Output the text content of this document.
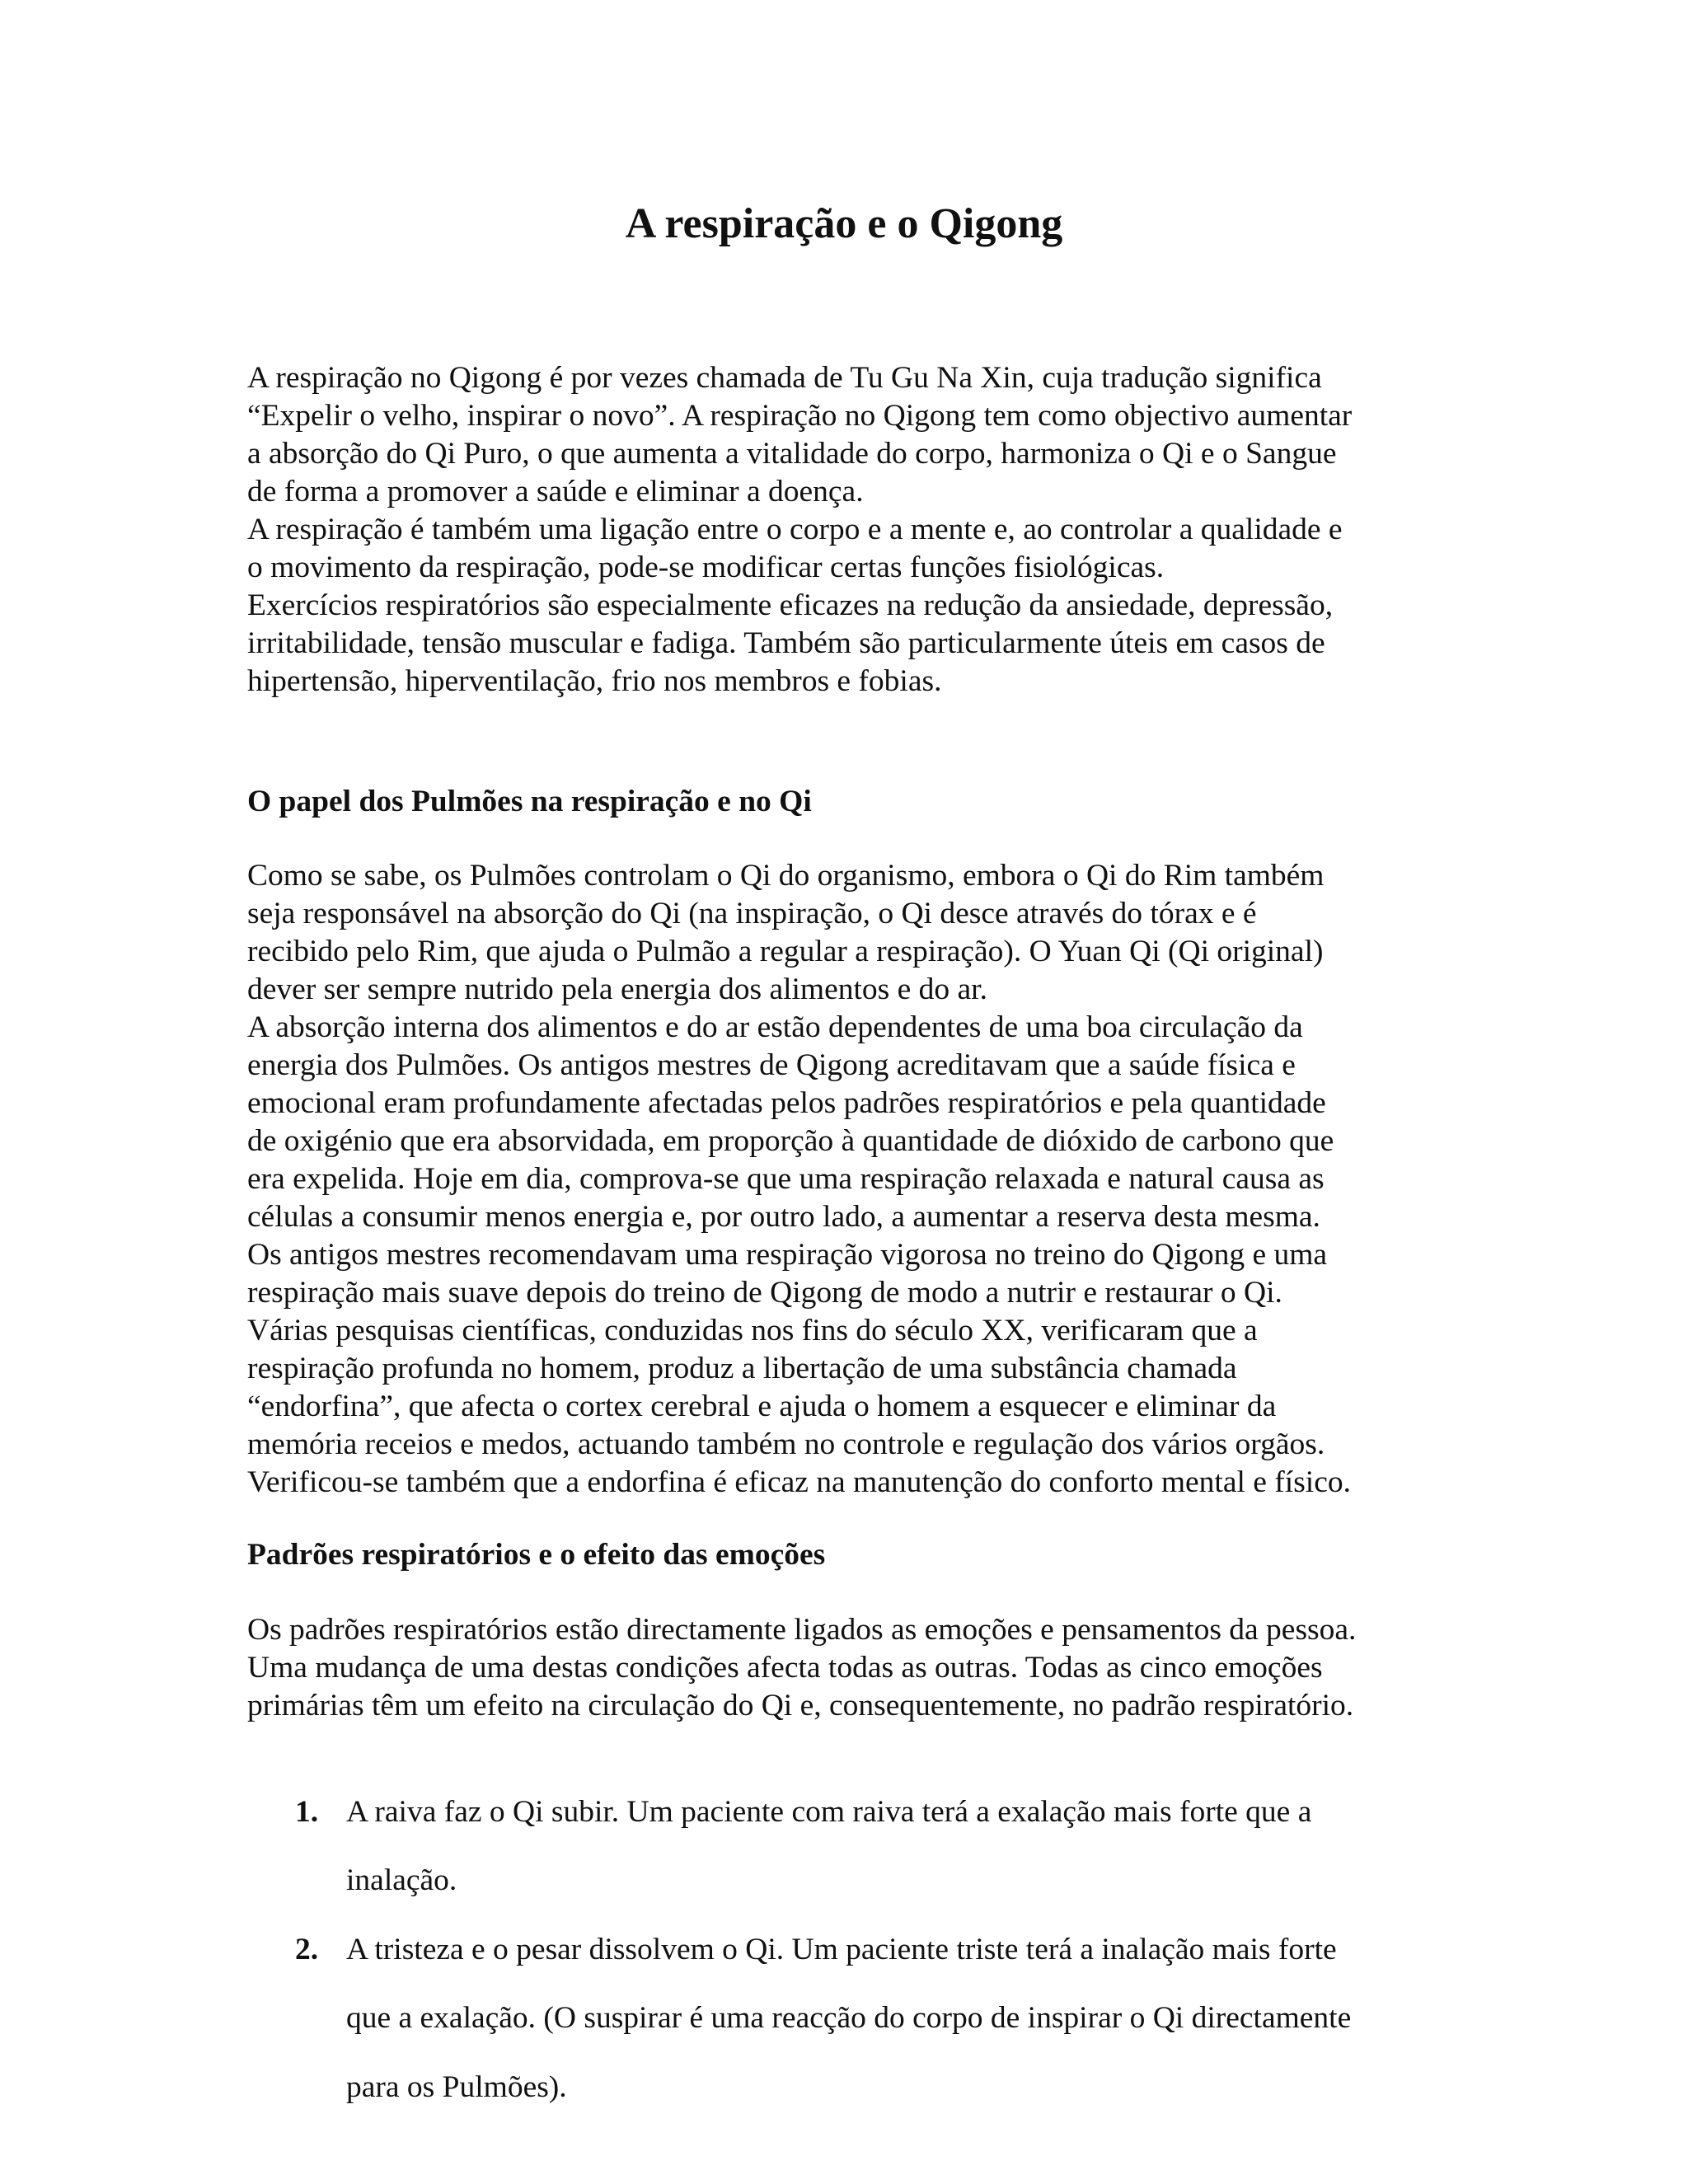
A respiração e o Qigong

A respiração no Qigong é por vezes chamada de Tu Gu Na Xin, cuja tradução significa

“Expelir o velho, inspirar o novo”. A respiração no Qigong tem como objectivo aumentar

a absorção do Qi Puro, o que aumenta a vitalidade do corpo, harmoniza o Qi e o Sangue

de forma a promover a saúde e eliminar a doença.

A respiração é também uma ligação entre o corpo e a mente e, ao controlar a qualidade e

o movimento da respiração, pode-se modificar certas funções fisiológicas.

Exercícios respiratórios são especialmente eficazes na redução da ansiedade, depressão,

irritabilidade, tensão muscular e fadiga. Também são particularmente úteis em casos de

hipertensão, hiperventilação, frio nos membros e fobias.

O papel dos Pulmões na respiração e no Qi

Como se sabe, os Pulmões controlam o Qi do organismo, embora o Qi do Rim também

seja responsável na absorção do Qi (na inspiração, o Qi desce através do tórax e é

recibido pelo Rim, que ajuda o Pulmão a regular a respiração). O Yuan Qi (Qi original)

dever ser sempre nutrido pela energia dos alimentos e do ar.

A absorção interna dos alimentos e do ar estão dependentes de uma boa circulação da

energia dos Pulmões. Os antigos mestres de Qigong acreditavam que a saúde física e

emocional eram profundamente afectadas pelos padrões respiratórios e pela quantidade

de oxigénio que era absorvidada, em proporção à quantidade de dióxido de carbono que

era expelida. Hoje em dia, comprova-se que uma respiração relaxada e natural causa as

células a consumir menos energia e, por outro lado, a aumentar a reserva desta mesma.

Os antigos mestres recomendavam uma respiração vigorosa no treino do Qigong e uma

respiração mais suave depois do treino de Qigong de modo a nutrir e restaurar o Qi.

Várias pesquisas científicas, conduzidas nos fins do século XX, verificaram que a

respiração profunda no homem, produz a libertação de uma substância chamada

“endorfina”, que afecta o cortex cerebral e ajuda o homem a esquecer e eliminar da

memória receios e medos, actuando também no controle e regulação dos vários orgãos.

Verificou-se também que a endorfina é eficaz na manutenção do conforto mental e físico.

Padrões respiratórios e o efeito das emoções

Os padrões respiratórios estão directamente ligados as emoções e pensamentos da pessoa.

Uma mudança de uma destas condições afecta todas as outras. Todas as cinco emoções

primárias têm um efeito na circulação do Qi e, consequentemente, no padrão respiratório.

1. A raiva faz o Qi subir. Um paciente com raiva terá a exalação mais forte que a

inalação.

2. A tristeza e o pesar dissolvem o Qi. Um paciente triste terá a inalação mais forte

que a exalação. (O suspirar é uma reacção do corpo de inspirar o Qi directamente

para os Pulmões).
